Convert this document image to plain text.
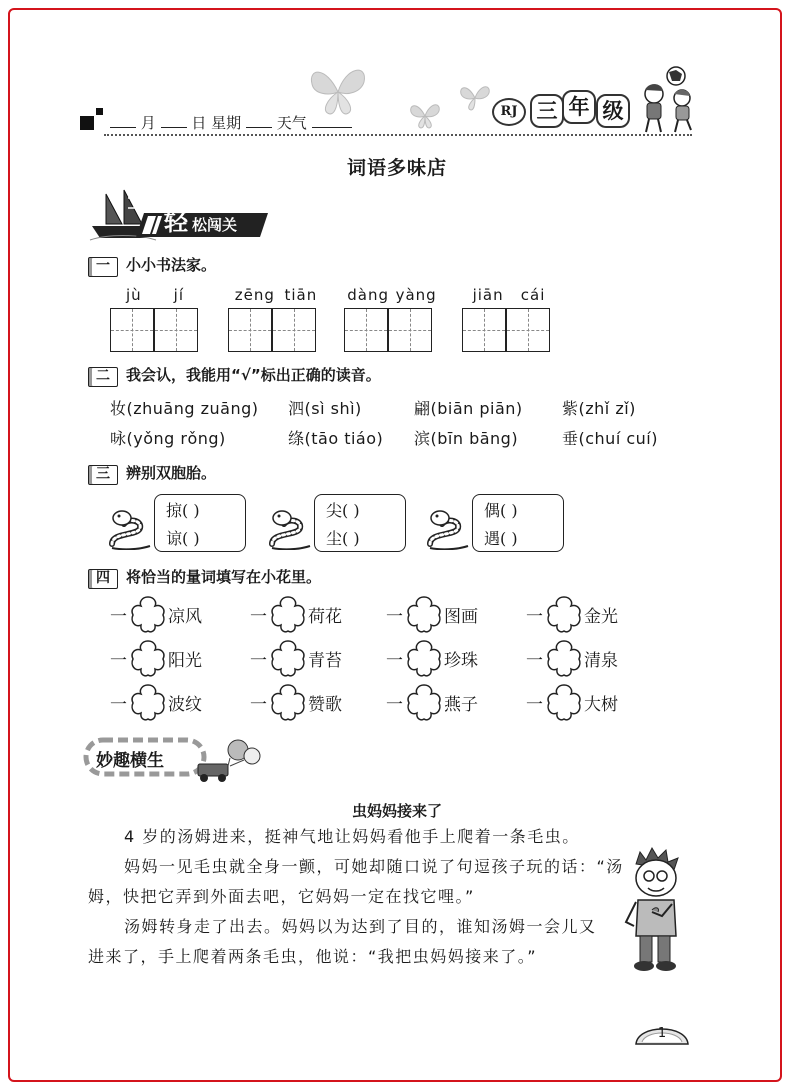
月 日 星期 天气
RJ 三 年 级
词语多味店
轻 松闯关
一 小小书法家。
jù jí	zēng tiān dàng yàng jiān cái
二 我会认，我能用“√”标出正确的读音。
妆(zhuāng zuāng) 泗(sì shì)	翩(biān piān) 紫(zhǐ zǐ)
咏(yǒng rǒng)	绦(tāo tiáo) 滨(bīn bāng)	垂(chuí cuí)
三 辨别双胞胎。
掠( )
谅( )
尖( )
尘( )
偶( )
遇( )
四 将恰当的量词填写在小花里。
一 凉风	一 荷花	一 图画	一 金光
一 阳光	一 青苔	一 珍珠	一 清泉
一 波纹	一 赞歌	一 燕子	一 大树
妙趣横生
虫妈妈接来了

4 岁的汤姆进来，挺神气地让妈妈看他手上爬着一条毛虫。

妈妈一见毛虫就全身一颤，可她却随口说了句逗孩子玩的话：“汤

姆，快把它弄到外面去吧，它妈妈一定在找它哩。”

汤姆转身走了出去。妈妈以为达到了目的，谁知汤姆一会儿又

进来了，手上爬着两条毛虫，他说：“我把虫妈妈接来了。”

1
